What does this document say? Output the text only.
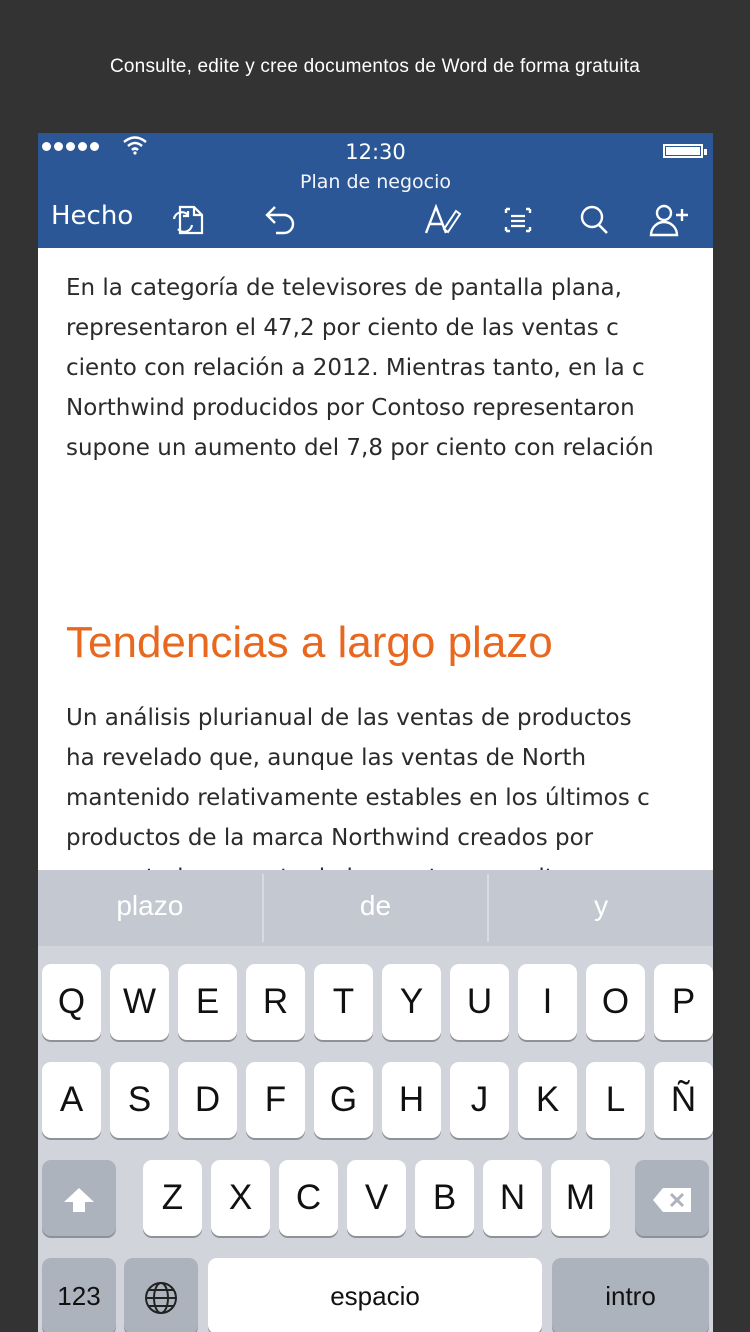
Consulte, edite y cree documentos de Word de forma gratuita
12:30
Plan de negocio
Hecho
En la categoría de televisores de pantalla plana,
representaron el 47,2 por ciento de las ventas c
ciento con relación a 2012. Mientras tanto, en la c
Northwind producidos por Contoso representaron
supone un aumento del 7,8 por ciento con relación
Tendencias a largo plazo
Un análisis plurianual de las ventas de productos
ha revelado que, aunque las ventas de North
mantenido relativamente estables en los últimos c
productos de la marca Northwind creados por
plazo	de	y
Q	W	E	R	T	Y	U	I	O	P
A	S	D	F	G	H	J	K	L	Ñ
Z	X	C	V	B	N	M
123	espacio	intro
